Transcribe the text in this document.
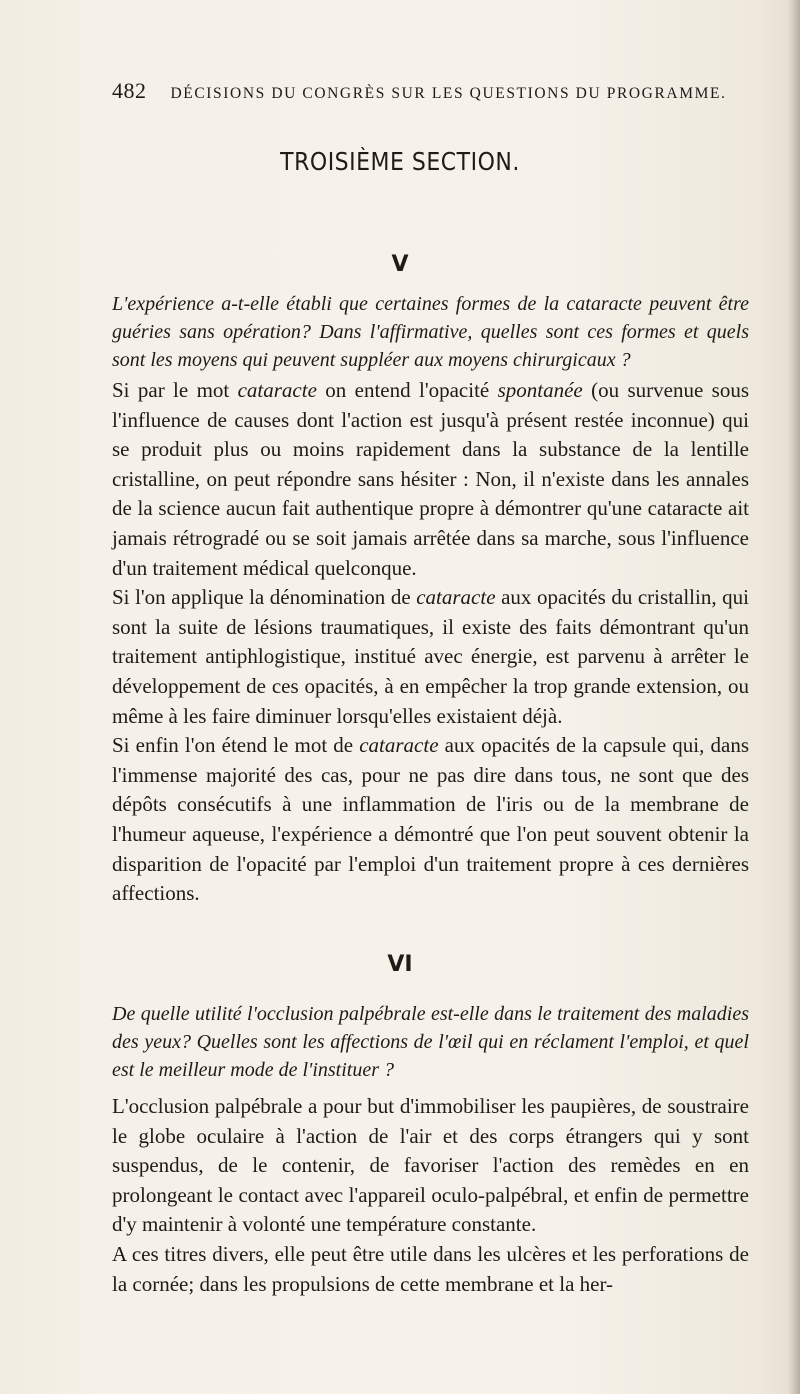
482 DÉCISIONS DU CONGRÈS SUR LES QUESTIONS DU PROGRAMME.
TROISIÈME SECTION.
V
L'expérience a-t-elle établi que certaines formes de la cataracte peuvent être guéries sans opération? Dans l'affirmative, quelles sont ces formes et quels sont les moyens qui peuvent suppléer aux moyens chirurgicaux ?

Si par le mot cataracte on entend l'opacité spontanée (ou survenue sous l'influence de causes dont l'action est jusqu'à présent restée inconnue) qui se produit plus ou moins rapidement dans la substance de la lentille cristalline, on peut répondre sans hésiter : Non, il n'existe dans les annales de la science aucun fait authentique propre à démontrer qu'une cataracte ait jamais rétrogradé ou se soit jamais arrêtée dans sa marche, sous l'influence d'un traitement médical quelconque.

Si l'on applique la dénomination de cataracte aux opacités du cristallin, qui sont la suite de lésions traumatiques, il existe des faits démontrant qu'un traitement antiphlogistique, institué avec énergie, est parvenu à arrêter le développement de ces opacités, à en empêcher la trop grande extension, ou même à les faire diminuer lorsqu'elles existaient déjà.

Si enfin l'on étend le mot de cataracte aux opacités de la capsule qui, dans l'immense majorité des cas, pour ne pas dire dans tous, ne sont que des dépôts consécutifs à une inflammation de l'iris ou de la membrane de l'humeur aqueuse, l'expérience a démontré que l'on peut souvent obtenir la disparition de l'opacité par l'emploi d'un traitement propre à ces dernières affections.

VI
De quelle utilité l'occlusion palpébrale est-elle dans le traitement des maladies des yeux? Quelles sont les affections de l'œil qui en réclament l'emploi, et quel est le meilleur mode de l'instituer ?

L'occlusion palpébrale a pour but d'immobiliser les paupières, de soustraire le globe oculaire à l'action de l'air et des corps étrangers qui y sont suspendus, de le contenir, de favoriser l'action des remèdes en en prolongeant le contact avec l'appareil oculo-palpébral, et enfin de permettre d'y maintenir à volonté une température constante.

A ces titres divers, elle peut être utile dans les ulcères et les perforations de la cornée; dans les propulsions de cette membrane et la her-
